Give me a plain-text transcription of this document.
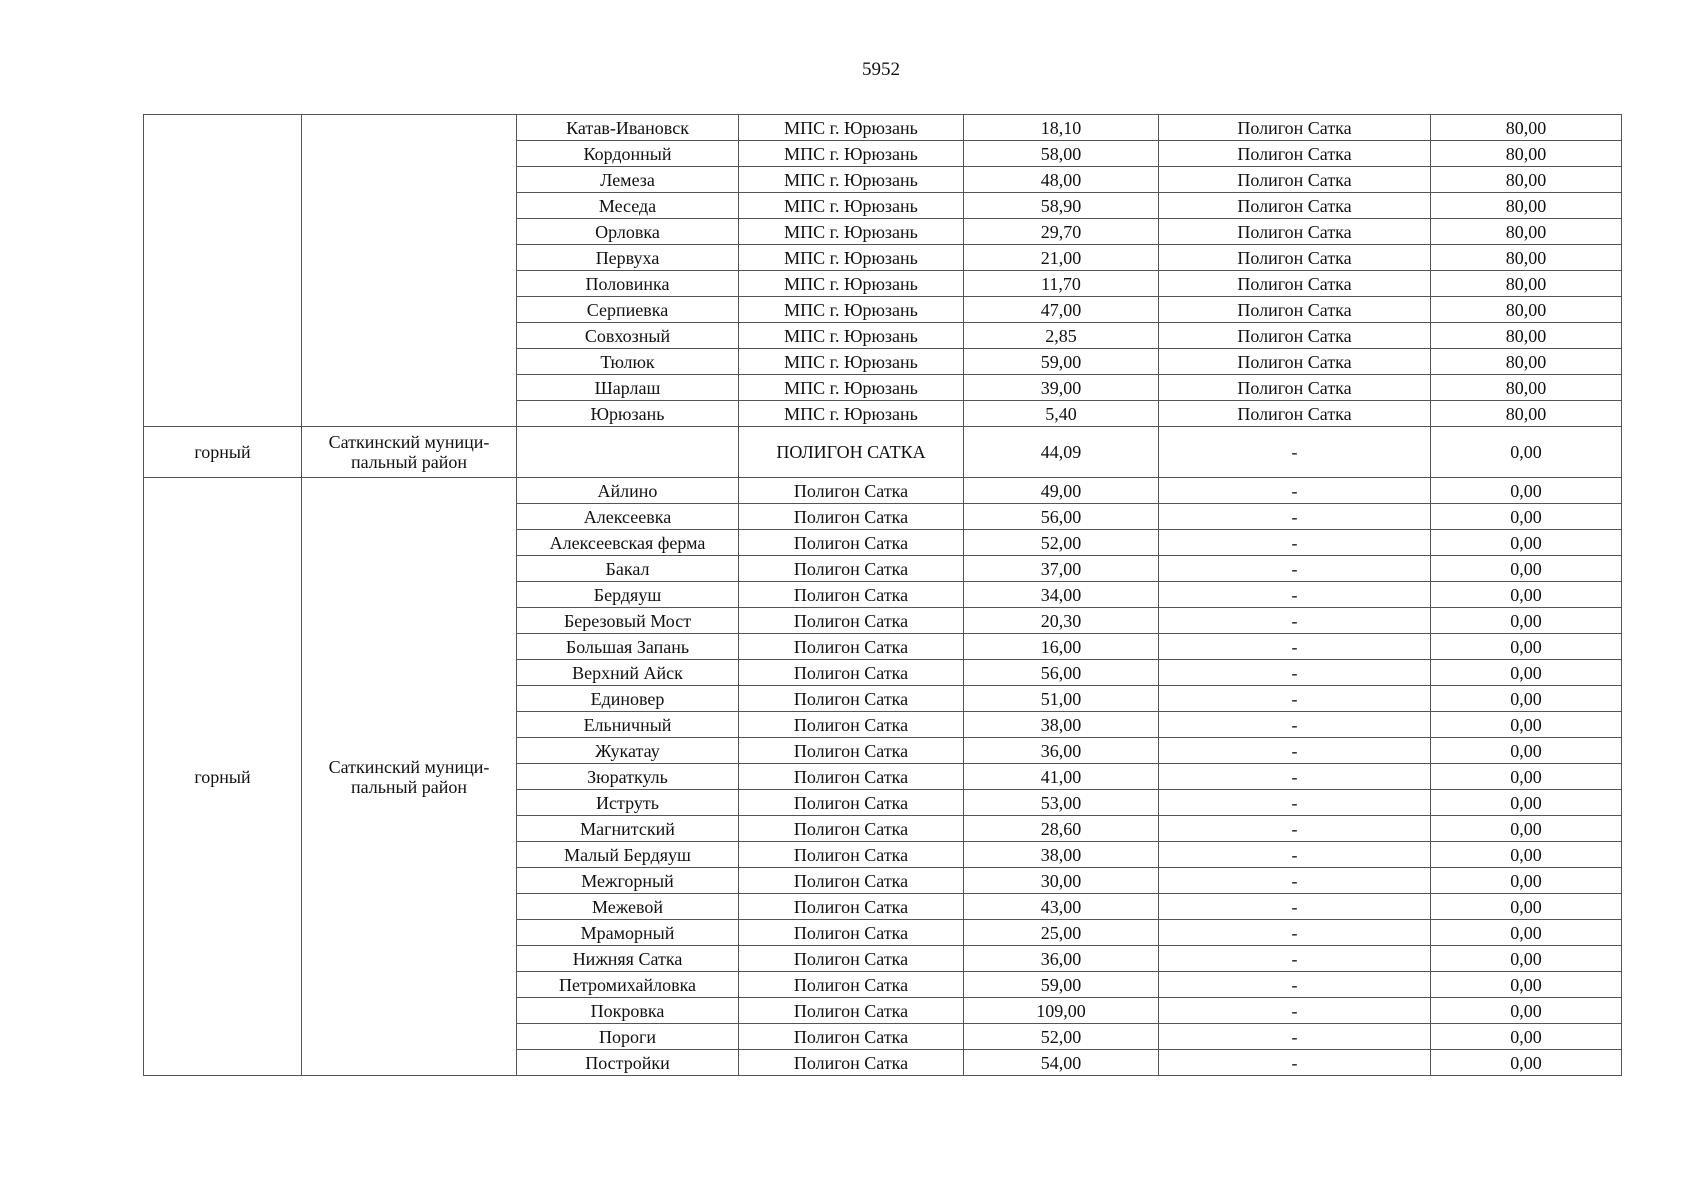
5952
		Катав-Ивановск	МПС г. Юрюзань	18,10	Полигон Сатка	80,00
		Кордонный	МПС г. Юрюзань	58,00	Полигон Сатка	80,00
		Лемеза	МПС г. Юрюзань	48,00	Полигон Сатка	80,00
		Меседа	МПС г. Юрюзань	58,90	Полигон Сатка	80,00
		Орловка	МПС г. Юрюзань	29,70	Полигон Сатка	80,00
		Первуха	МПС г. Юрюзань	21,00	Полигон Сатка	80,00
		Половинка	МПС г. Юрюзань	11,70	Полигон Сатка	80,00
		Серпиевка	МПС г. Юрюзань	47,00	Полигон Сатка	80,00
		Совхозный	МПС г. Юрюзань	2,85	Полигон Сатка	80,00
		Тюлюк	МПС г. Юрюзань	59,00	Полигон Сатка	80,00
		Шарлаш	МПС г. Юрюзань	39,00	Полигон Сатка	80,00
		Юрюзань	МПС г. Юрюзань	5,40	Полигон Сатка	80,00
горный	Саткинский муници-пальный район		ПОЛИГОН САТКА	44,09	-	0,00
горный	Саткинский муници-пальный район	Айлино	Полигон Сатка	49,00	-	0,00
		Алексеевка	Полигон Сатка	56,00	-	0,00
		Алексеевская ферма	Полигон Сатка	52,00	-	0,00
		Бакал	Полигон Сатка	37,00	-	0,00
		Бердяуш	Полигон Сатка	34,00	-	0,00
		Березовый Мост	Полигон Сатка	20,30	-	0,00
		Большая Запань	Полигон Сатка	16,00	-	0,00
		Верхний Айск	Полигон Сатка	56,00	-	0,00
		Единовер	Полигон Сатка	51,00	-	0,00
		Ельничный	Полигон Сатка	38,00	-	0,00
		Жукатау	Полигон Сатка	36,00	-	0,00
		Зюраткуль	Полигон Сатка	41,00	-	0,00
		Иструть	Полигон Сатка	53,00	-	0,00
		Магнитский	Полигон Сатка	28,60	-	0,00
		Малый Бердяуш	Полигон Сатка	38,00	-	0,00
		Межгорный	Полигон Сатка	30,00	-	0,00
		Межевой	Полигон Сатка	43,00	-	0,00
		Мраморный	Полигон Сатка	25,00	-	0,00
		Нижняя Сатка	Полигон Сатка	36,00	-	0,00
		Петромихайловка	Полигон Сатка	59,00	-	0,00
		Покровка	Полигон Сатка	109,00	-	0,00
		Пороги	Полигон Сатка	52,00	-	0,00
		Постройки	Полигон Сатка	54,00	-	0,00
